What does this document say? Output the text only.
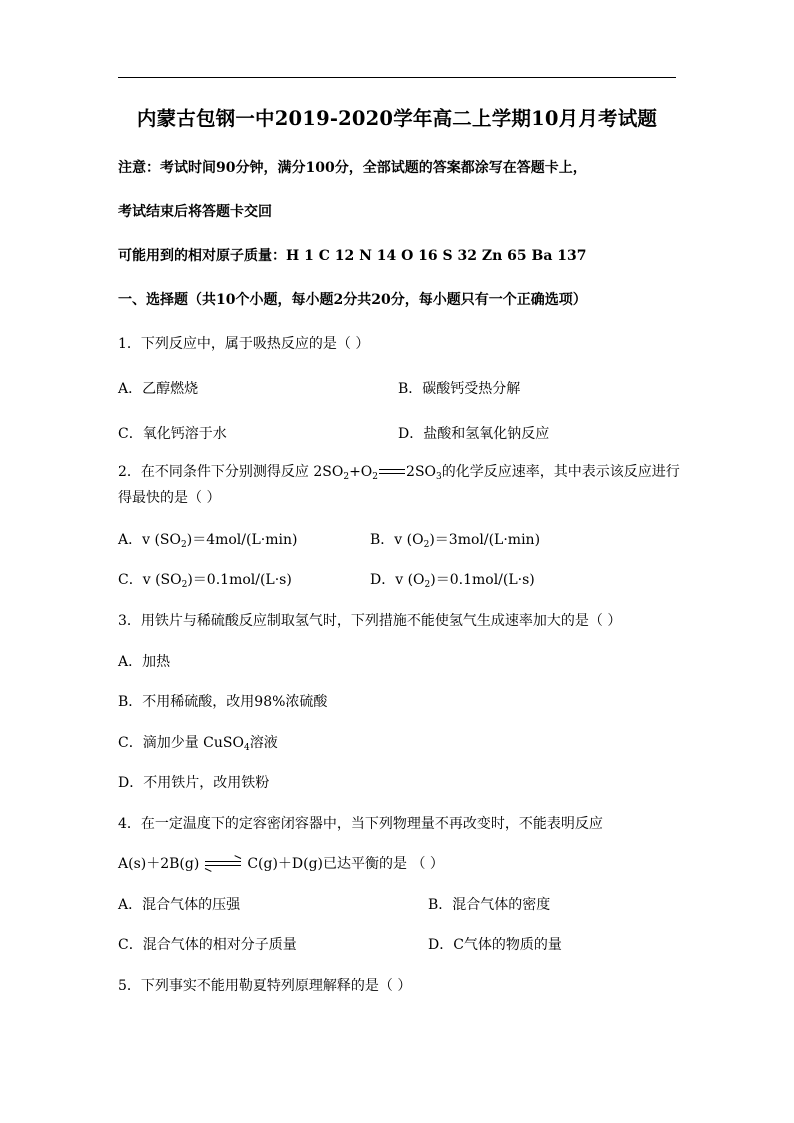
内蒙古包钢一中2019-2020学年高二上学期10月月考试题
注意：考试时间90分钟，满分100分，全部试题的答案都涂写在答题卡上，
考试结束后将答题卡交回
可能用到的相对原子质量：H 1 C 12 N 14 O 16 S 32 Zn 65 Ba 137
一、选择题（共10个小题，每小题2分共20分，每小题只有一个正确选项）
1．下列反应中，属于吸热反应的是（ ）
A．乙醇燃烧	B．碳酸钙受热分解
C．氧化钙溶于水	D．盐酸和氢氧化钠反应
2．在不同条件下分别测得反应 $2SO_2+O_2$ $2SO_3$的化学反应速率，其中表示该反应进行
得最快的是（ ）
A．v $(SO_2)=4mol/(L\cdot\min)$	B．v $(O_2)=3mol/(L\cdot\min)$
C．v $(SO_2)=0.1mol/(L\cdot s)$	D．v $(O_2)=0.1mol/(L\cdot s)$
3．用铁片与稀硫酸反应制取氢气时，下列措施不能使氢气生成速率加大的是（ ）
A．加热
B．不用稀硫酸，改用98%浓硫酸
C．滴加少量 CuSO$_4$溶液
D．不用铁片，改用铁粉
4．在一定温度下的定容密闭容器中，当下列物理量不再改变时，不能表明反应
A(s)＋2B(g) ⇌ C(g)＋D(g)已达平衡的是 （ ）
A．混合气体的压强	B．混合气体的密度
C．混合气体的相对分子质量	D．C气体的物质的量
5．下列事实不能用勒夏特列原理解释的是（ ）
